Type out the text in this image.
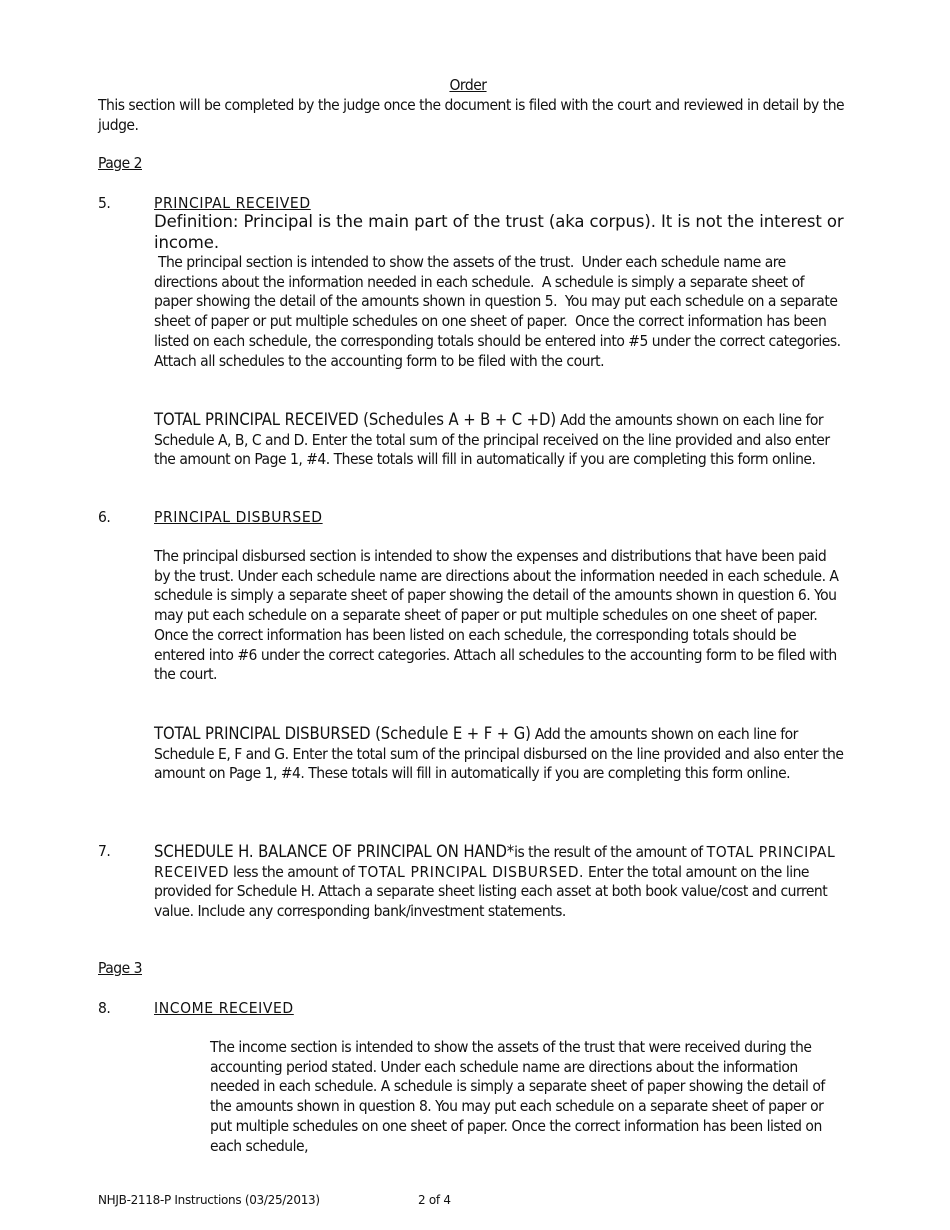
Order

This section will be completed by the judge once the document is filed with the court and reviewed in detail by the judge.

Page 2
5.	PRINCIPAL RECEIVED

Definition: Principal is the main part of the trust (aka corpus). It is not the interest or income.

The principal section is intended to show the assets of the trust.  Under each schedule name are directions about the information needed in each schedule.  A schedule is simply a separate sheet of paper showing the detail of the amounts shown in question 5.  You may put each schedule on a separate sheet of paper or put multiple schedules on one sheet of paper.  Once the correct information has been listed on each schedule, the corresponding totals should be entered into #5 under the correct categories.  Attach all schedules to the accounting form to be filed with the court.

TOTAL PRINCIPAL RECEIVED (Schedules A + B + C +D) Add the amounts shown on each line for Schedule A, B, C and D. Enter the total sum of the principal received on the line provided and also enter the amount on Page 1, #4. These totals will fill in automatically if you are completing this form online.

6.	PRINCIPAL DISBURSED

The principal disbursed section is intended to show the expenses and distributions that have been paid by the trust. Under each schedule name are directions about the information needed in each schedule. A schedule is simply a separate sheet of paper showing the detail of the amounts shown in question 6. You may put each schedule on a separate sheet of paper or put multiple schedules on one sheet of paper. Once the correct information has been listed on each schedule, the corresponding totals should be entered into #6 under the correct categories. Attach all schedules to the accounting form to be filed with the court.

TOTAL PRINCIPAL DISBURSED (Schedule E + F + G) Add the amounts shown on each line for Schedule E, F and G. Enter the total sum of the principal disbursed on the line provided and also enter the amount on Page 1, #4. These totals will fill in automatically if you are completing this form online.

7.	SCHEDULE H. BALANCE OF PRINCIPAL ON HAND*is the result of the amount of TOTAL PRINCIPAL RECEIVED less the amount of TOTAL PRINCIPAL DISBURSED. Enter the total amount on the line provided for Schedule H. Attach a separate sheet listing each asset at both book value/cost and current value. Include any corresponding bank/investment statements.

Page 3
8.	INCOME RECEIVED

The income section is intended to show the assets of the trust that were received during the accounting period stated. Under each schedule name are directions about the information needed in each schedule. A schedule is simply a separate sheet of paper showing the detail of the amounts shown in question 8. You may put each schedule on a separate sheet of paper or put multiple schedules on one sheet of paper. Once the correct information has been listed on each schedule,

NHJB-2118-P Instructions (03/25/2013)	2 of 4
